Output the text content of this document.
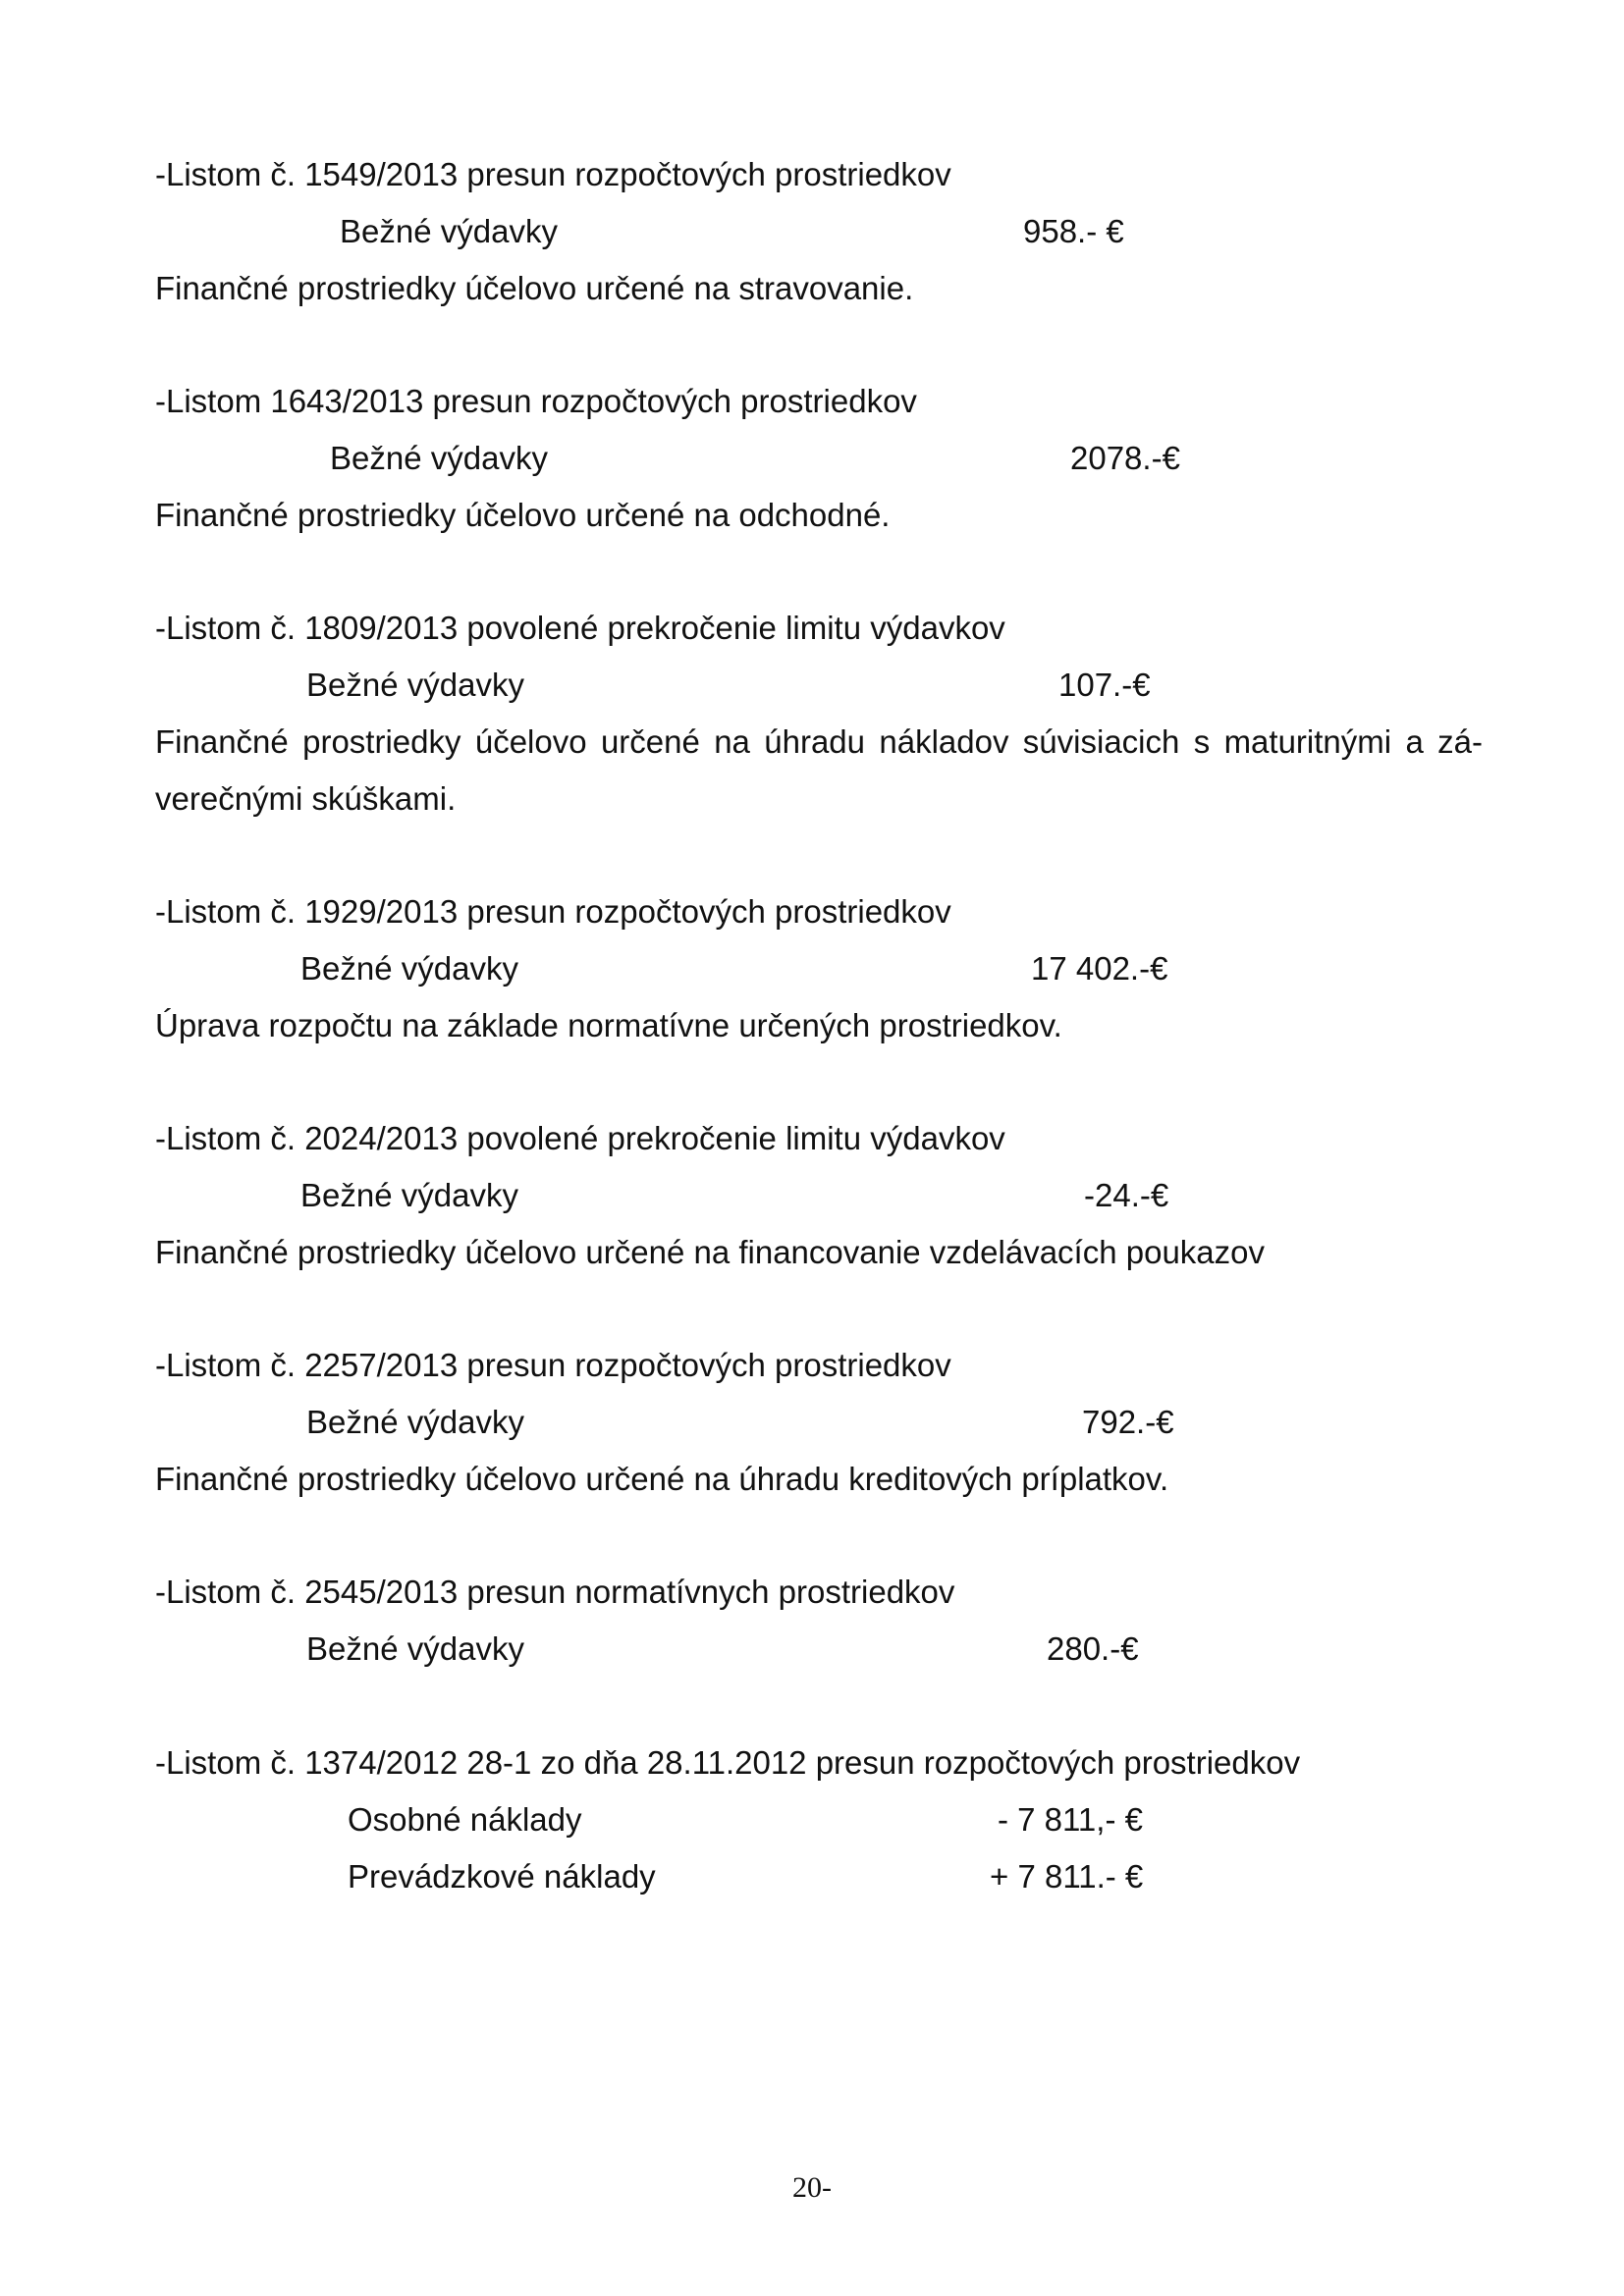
-Listom č. 1549/2013 presun rozpočtových prostriedkov
Bežné výdavky	958.- €
Finančné prostriedky účelovo určené na stravovanie.
-Listom 1643/2013 presun rozpočtových prostriedkov
Bežné výdavky	2078.-€
Finančné prostriedky účelovo určené na odchodné.
-Listom č. 1809/2013 povolené prekročenie limitu výdavkov
Bežné výdavky	107.-€
Finančné prostriedky účelovo určené na úhradu nákladov súvisiacich s maturitnými a zá-
verečnými skúškami.
-Listom č. 1929/2013 presun rozpočtových prostriedkov
Bežné výdavky	17 402.-€
Úprava rozpočtu na základe normatívne určených prostriedkov.
-Listom č. 2024/2013 povolené prekročenie limitu výdavkov
Bežné výdavky	-24.-€
Finančné prostriedky účelovo určené na financovanie vzdelávacích poukazov
-Listom č. 2257/2013 presun rozpočtových prostriedkov
Bežné výdavky	792.-€
Finančné prostriedky účelovo určené na úhradu kreditových príplatkov.
-Listom č. 2545/2013 presun normatívnych prostriedkov
Bežné výdavky	280.-€
-Listom č. 1374/2012 28-1 zo dňa 28.11.2012 presun rozpočtových prostriedkov
Osobné náklady	- 7 811,- €
Prevádzkové náklady	+ 7 811.- €
20-
